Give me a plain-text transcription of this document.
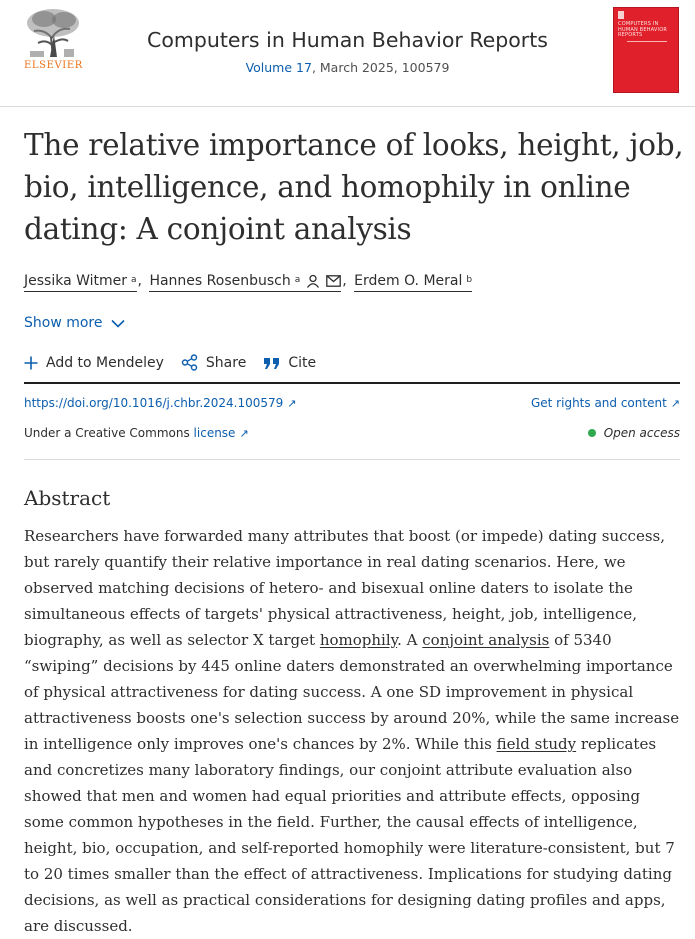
ELSEVIER
Computers in Human Behavior Reports
Volume 17, March 2025, 100579
COMPUTERS IN HUMAN BEHAVIOR REPORTS
The relative importance of looks, height, job, bio, intelligence, and homophily in online dating: A conjoint analysis
Jessika Witmer $^a$ , Hannes Rosenbusch $^a$	, Erdem O. Meral $^b$
Show more
Add to Mendeley	Share	Cite
https://doi.org/10.1016/j.chbr.2024.100579 ↗	Get rights and content ↗
Under a Creative Commons license ↗	Open access
Abstract

Researchers have forwarded many attributes that boost (or impede) dating success, but rarely quantify their relative importance in real dating scenarios. Here, we observed matching decisions of hetero- and bisexual online daters to isolate the simultaneous effects of targets' physical attractiveness, height, job, intelligence, biography, as well as selector X target homophily. A conjoint analysis of 5340 “swiping” decisions by 445 online daters demonstrated an overwhelming importance of physical attractiveness for dating success. A one SD improvement in physical attractiveness boosts one's selection success by around 20%, while the same increase in intelligence only improves one's chances by 2%. While this field study replicates and concretizes many laboratory findings, our conjoint attribute evaluation also showed that men and women had equal priorities and attribute effects, opposing some common hypotheses in the field. Further, the causal effects of intelligence, height, bio, occupation, and self-reported homophily were literature-consistent, but 7 to 20 times smaller than the effect of attractiveness. Implications for studying dating decisions, as well as practical considerations for designing dating profiles and apps, are discussed.
